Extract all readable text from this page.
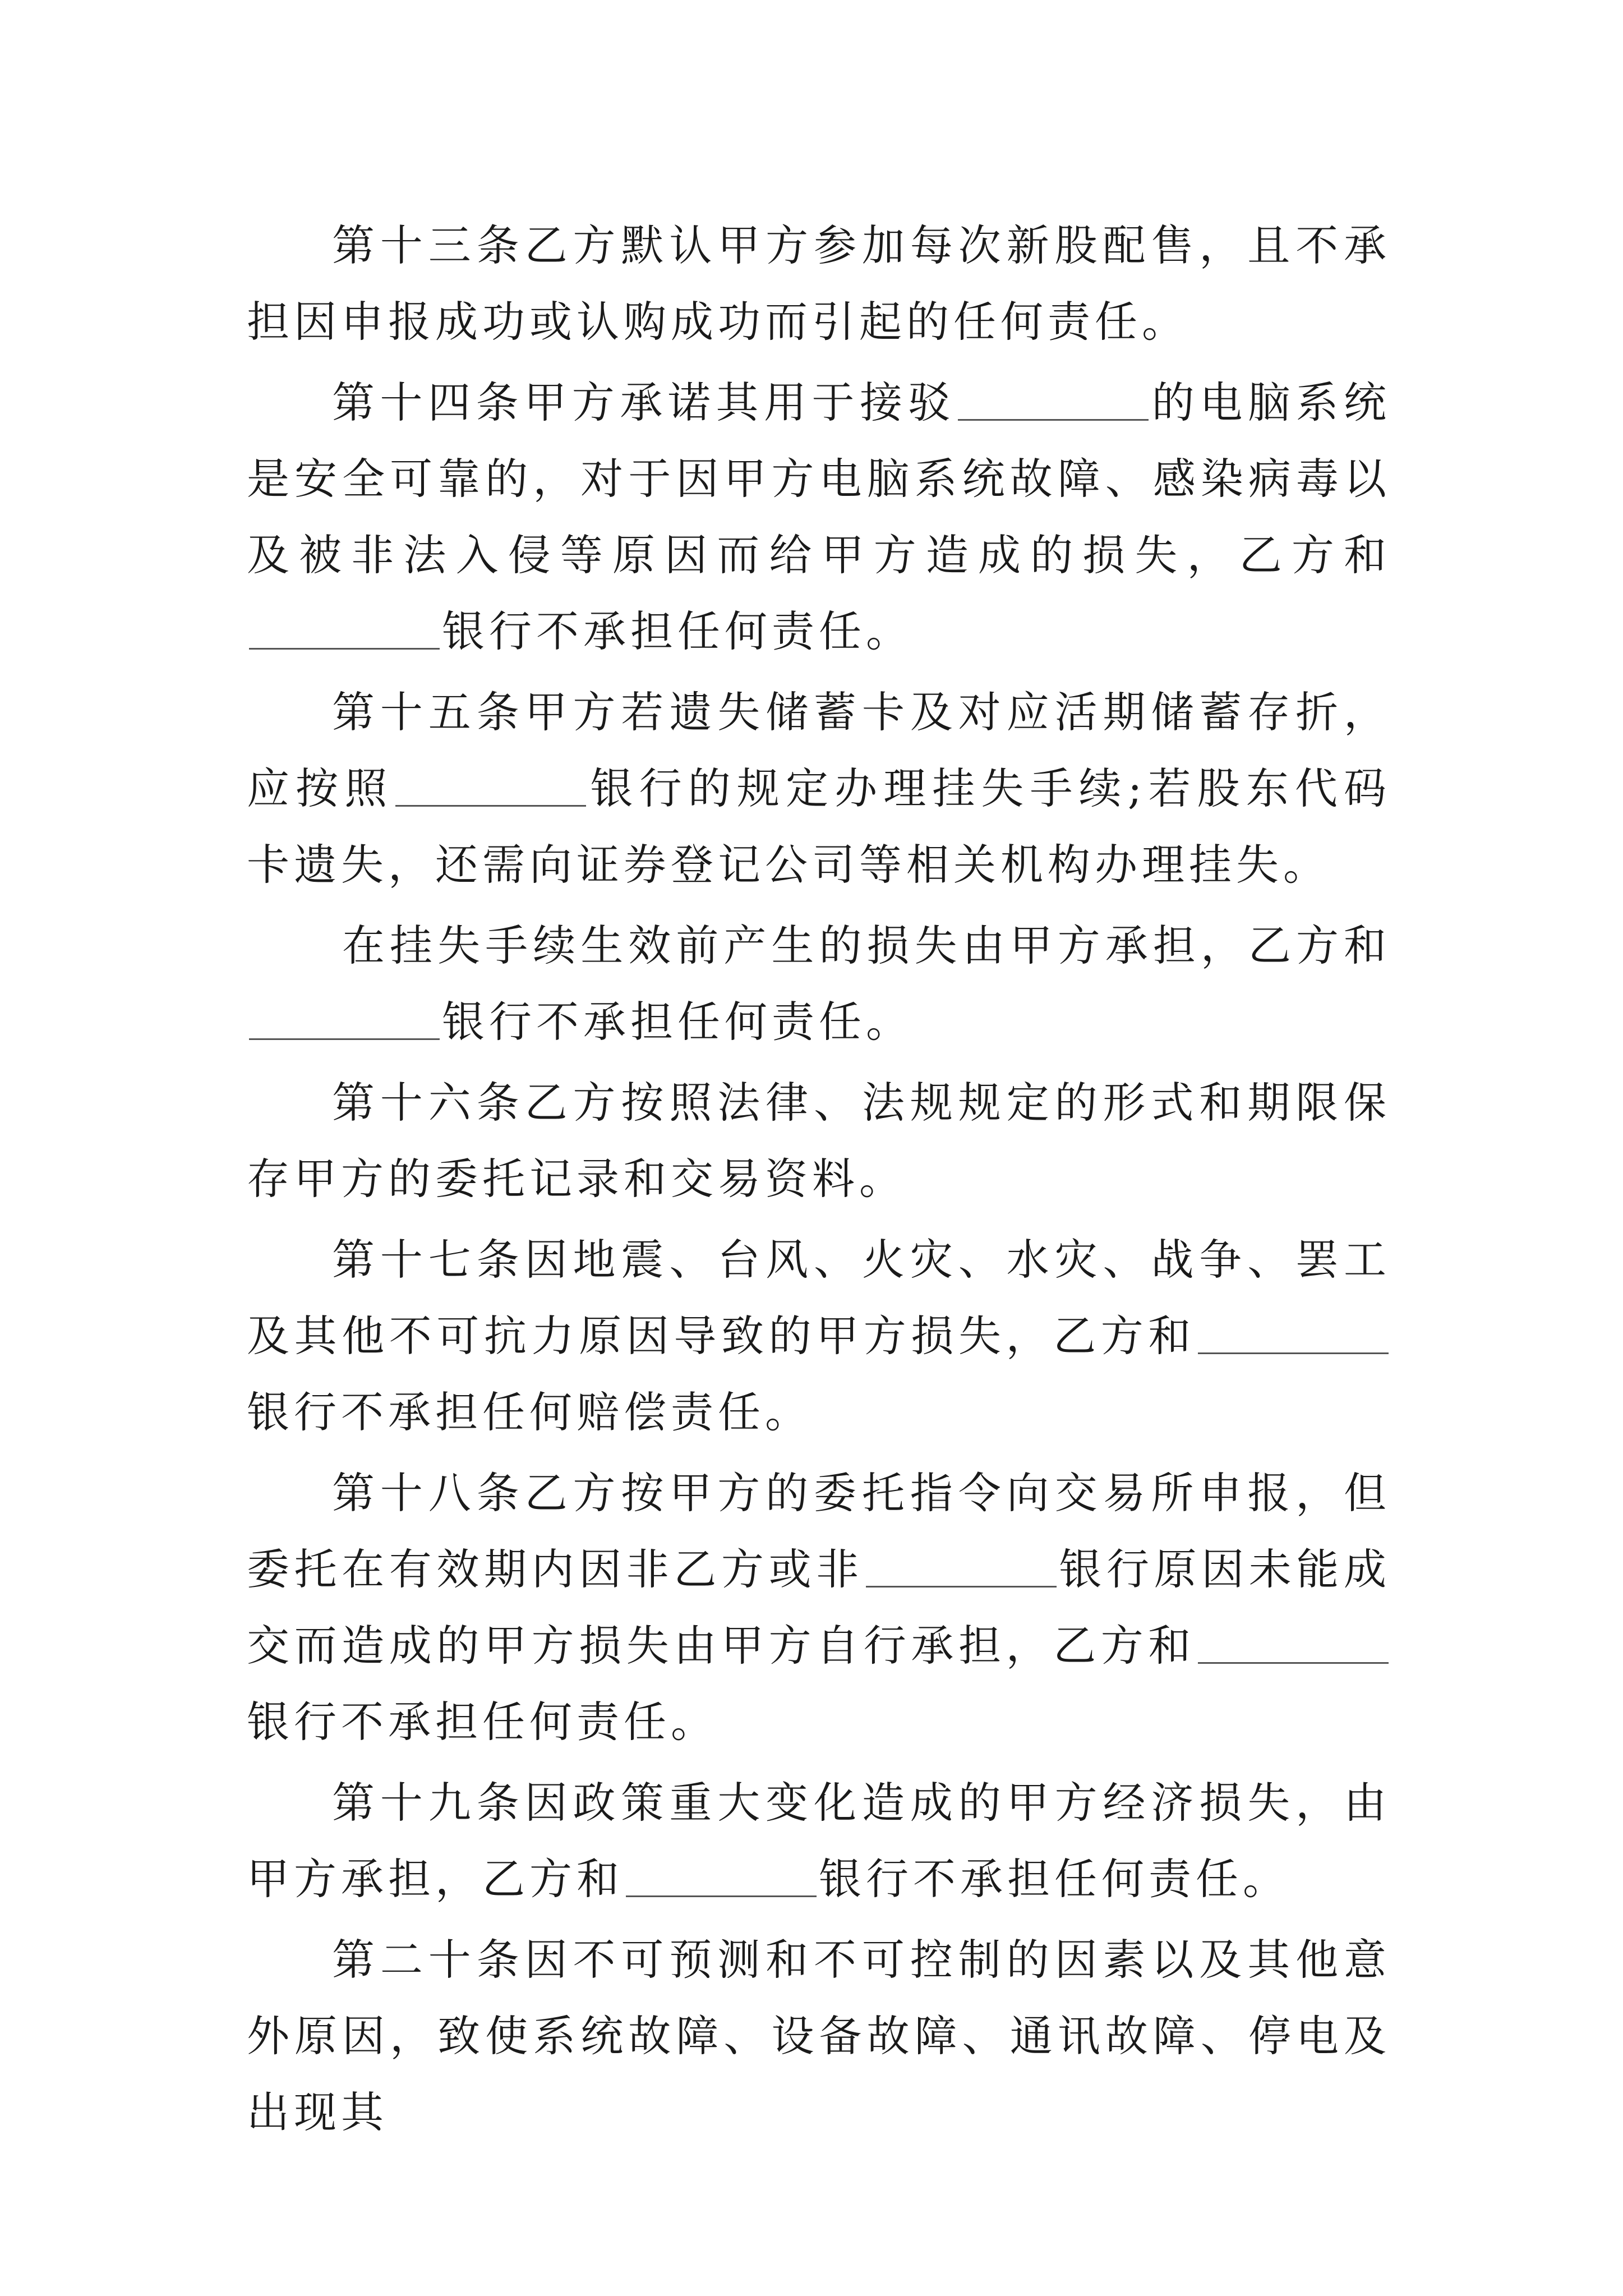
第十三条乙方默认甲方参加每次新股配售，且不承担因申报成功或认购成功而引起的任何责任。

第十四条甲方承诺其用于接驳	的电脑系统是安全可靠的，对于因甲方电脑系统故障、感染病毒以及被非法入侵等原因而给甲方造成的损失，乙方和银行不承担任何责任。

第十五条甲方若遗失储蓄卡及对应活期储蓄存折，应按照	银行的规定办理挂失手续;若股东代码卡遗失，还需向证券登记公司等相关机构办理挂失。

在挂失手续生效前产生的损失由甲方承担，乙方和银行不承担任何责任。

第十六条乙方按照法律、法规规定的形式和期限保存甲方的委托记录和交易资料。

第十七条因地震、台风、火灾、水灾、战争、罢工及其他不可抗力原因导致的甲方损失，乙方和银行不承担任何赔偿责任。

第十八条乙方按甲方的委托指令向交易所申报，但委托在有效期内因非乙方或非	银行原因未能成交而造成的甲方损失由甲方自行承担，乙方和银行不承担任何责任。

第十九条因政策重大变化造成的甲方经济损失，由甲方承担，乙方和	银行不承担任何责任。

第二十条因不可预测和不可控制的因素以及其他意外原因，致使系统故障、设备故障、通讯故障、停电及出现其
